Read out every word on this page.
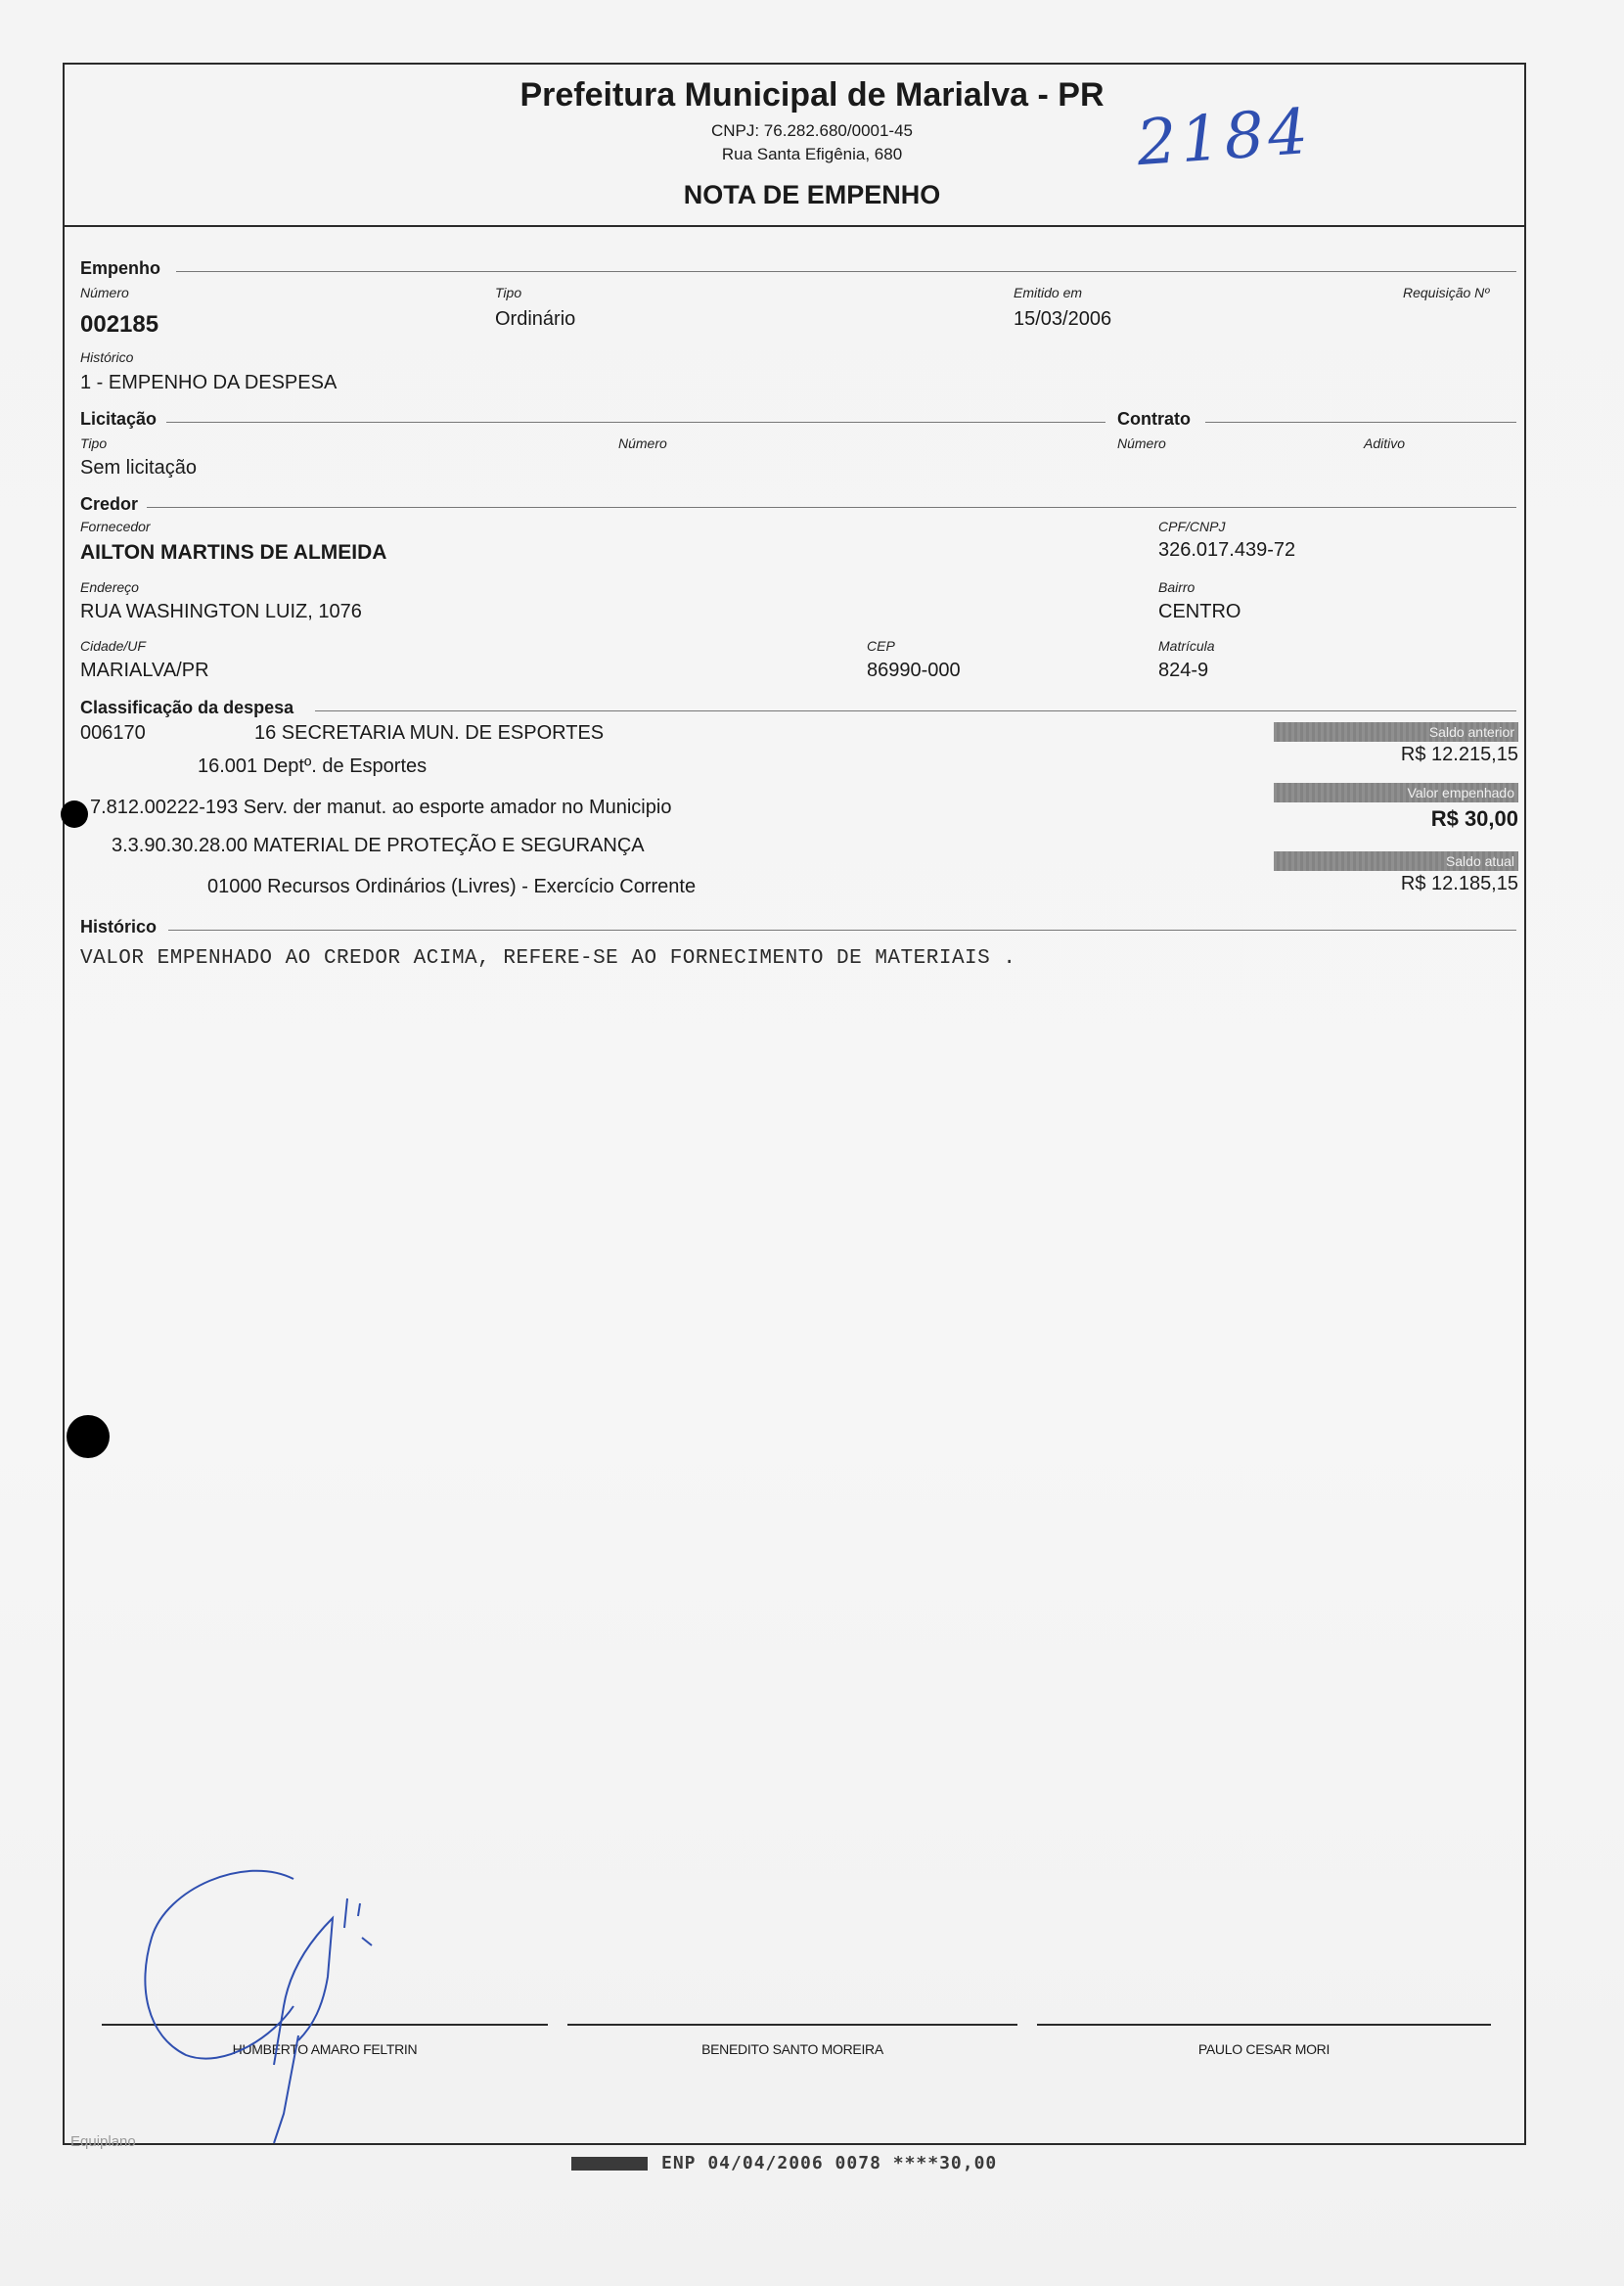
Prefeitura Municipal de Marialva - PR
CNPJ: 76.282.680/0001-45
Rua Santa Efigênia, 680
NOTA DE EMPENHO
2184
Empenho
Número
002185
Tipo
Ordinário
Emitido em
15/03/2006
Requisição Nº
Histórico
1 - EMPENHO DA DESPESA
Licitação	Contrato
Tipo
Sem licitação
Número	Número	Aditivo
Credor
Fornecedor
AILTON MARTINS DE ALMEIDA
CPF/CNPJ
326.017.439-72
Endereço
RUA WASHINGTON LUIZ, 1076
Bairro
CENTRO
Cidade/UF
MARIALVA/PR
CEP
86990-000
Matrícula
824-9
Classificação da despesa
006170	16 SECRETARIA MUN. DE ESPORTES
16.001 Deptº. de Esportes
7.812.00222-193 Serv. der manut. ao esporte amador no Municipio
3.3.90.30.28.00 MATERIAL DE PROTEÇÃO E SEGURANÇA
01000 Recursos Ordinários (Livres) - Exercício Corrente
Saldo anterior
R$ 12.215,15
Valor empenhado
R$ 30,00
Saldo atual
R$ 12.185,15
Histórico
VALOR EMPENHADO AO CREDOR ACIMA, REFERE-SE AO FORNECIMENTO DE MATERIAIS .
HUMBERTO AMARO FELTRIN	BENEDITO SANTO MOREIRA	PAULO CESAR MORI
Equiplano
ENP 04/04/2006 0078 ****30,00
